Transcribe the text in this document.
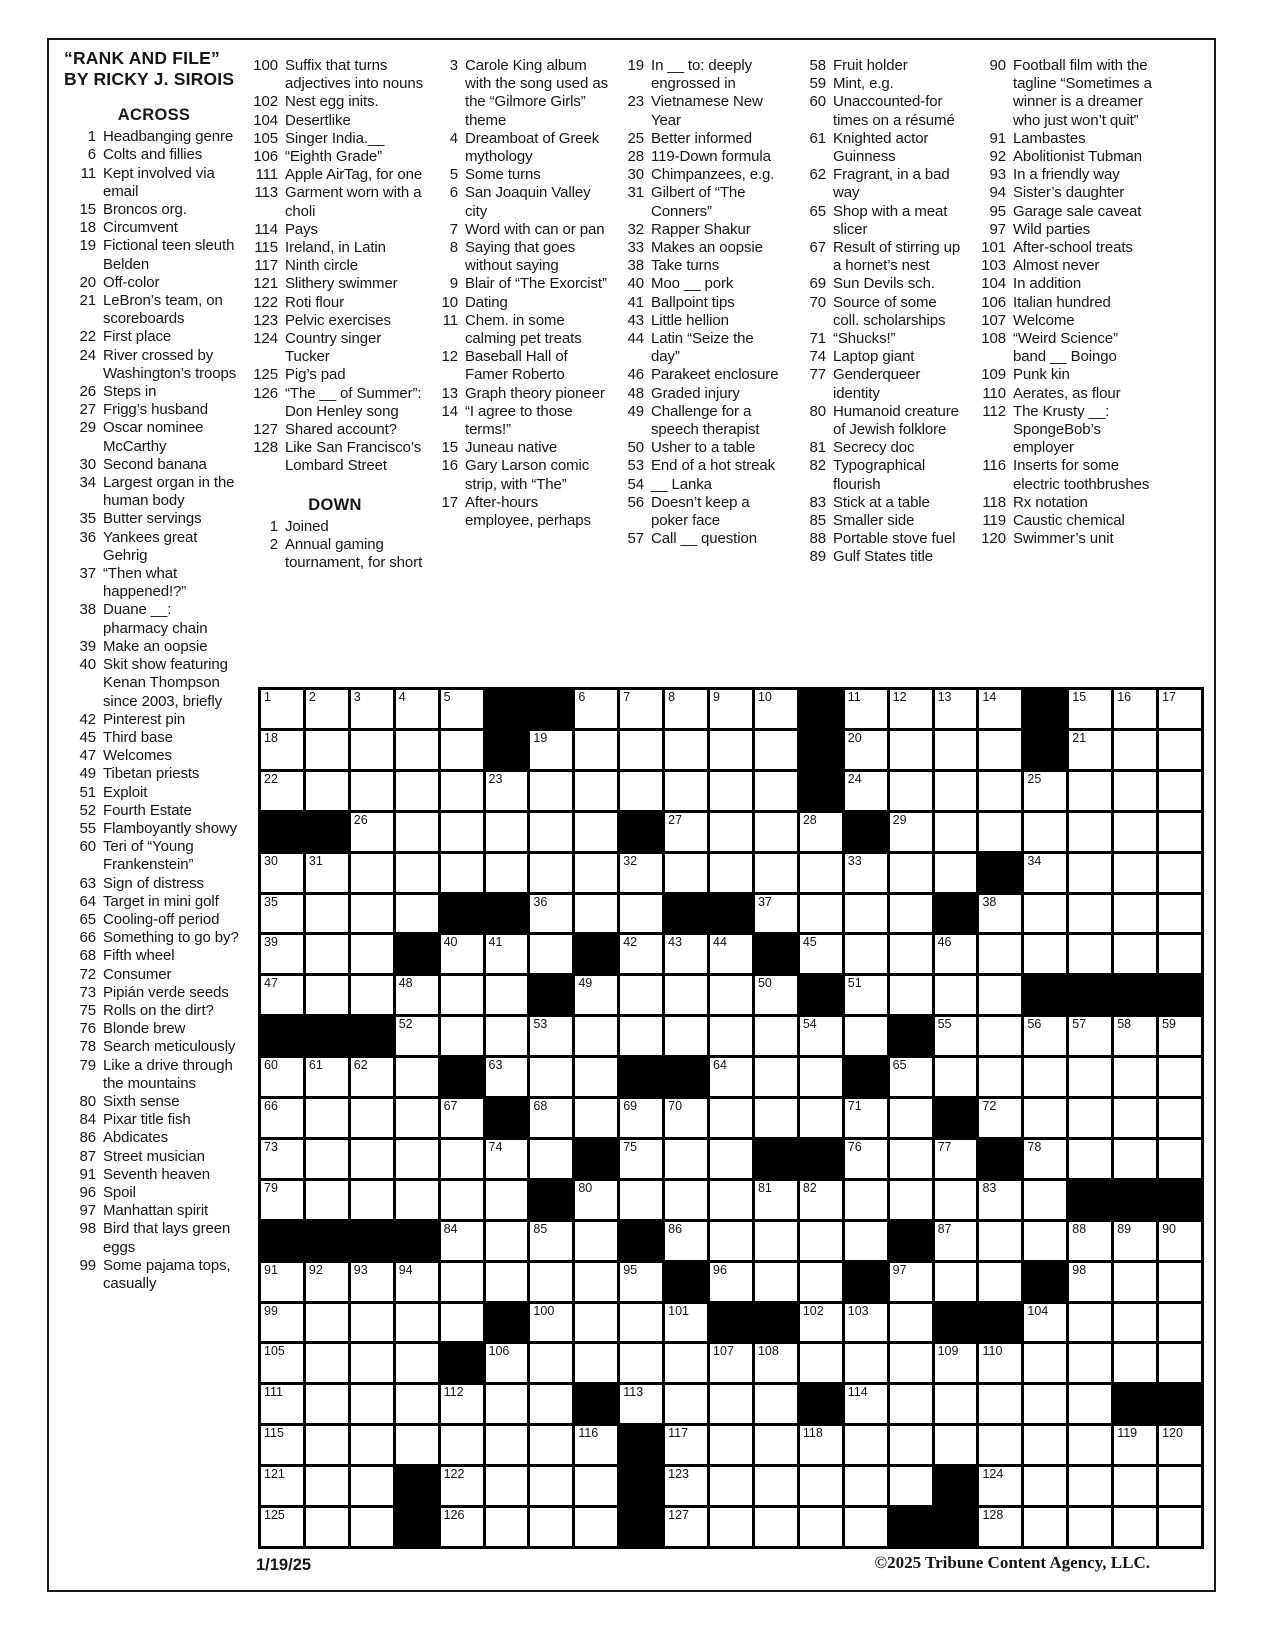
“RANK AND FILE”
BY RICKY J. SIROIS
ACROSS
1 Headbanging genre
6 Colts and fillies
11 Kept involved via email
15 Broncos org.
18 Circumvent
19 Fictional teen sleuth Belden
20 Off-color
21 LeBron’s team, on scoreboards
22 First place
24 River crossed by Washington’s troops
26 Steps in
27 Frigg’s husband
29 Oscar nominee McCarthy
30 Second banana
34 Largest organ in the human body
35 Butter servings
36 Yankees great Gehrig
37 “Then what happened!?”
38 Duane __: pharmacy chain
39 Make an oopsie
40 Skit show featuring Kenan Thompson since 2003, briefly
42 Pinterest pin
45 Third base
47 Welcomes
49 Tibetan priests
51 Exploit
52 Fourth Estate
55 Flamboyantly showy
60 Teri of “Young Frankenstein”
63 Sign of distress
64 Target in mini golf
65 Cooling-off period
66 Something to go by?
68 Fifth wheel
72 Consumer
73 Pipián verde seeds
75 Rolls on the dirt?
76 Blonde brew
78 Search meticulously
79 Like a drive through the mountains
80 Sixth sense
84 Pixar title fish
86 Abdicates
87 Street musician
91 Seventh heaven
96 Spoil
97 Manhattan spirit
98 Bird that lays green eggs
99 Some pajama tops, casually
100 Suffix that turns adjectives into nouns
102 Nest egg inits.
104 Desertlike
105 Singer India.__
106 “Eighth Grade”
111 Apple AirTag, for one
113 Garment worn with a choli
114 Pays
115 Ireland, in Latin
117 Ninth circle
121 Slithery swimmer
122 Roti flour
123 Pelvic exercises
124 Country singer Tucker
125 Pig’s pad
126 “The __ of Summer”: Don Henley song
127 Shared account?
128 Like San Francisco’s Lombard Street
DOWN
1 Joined
2 Annual gaming tournament, for short
3 Carole King album with the song used as the “Gilmore Girls” theme
4 Dreamboat of Greek mythology
5 Some turns
6 San Joaquin Valley city
7 Word with can or pan
8 Saying that goes without saying
9 Blair of “The Exorcist”
10 Dating
11 Chem. in some calming pet treats
12 Baseball Hall of Famer Roberto
13 Graph theory pioneer
14 “I agree to those terms!”
15 Juneau native
16 Gary Larson comic strip, with “The”
17 After-hours employee, perhaps
19 In __ to: deeply engrossed in
23 Vietnamese New Year
25 Better informed
28 119-Down formula
30 Chimpanzees, e.g.
31 Gilbert of “The Conners”
32 Rapper Shakur
33 Makes an oopsie
38 Take turns
40 Moo __ pork
41 Ballpoint tips
43 Little hellion
44 Latin “Seize the day”
46 Parakeet enclosure
48 Graded injury
49 Challenge for a speech therapist
50 Usher to a table
53 End of a hot streak
54 __ Lanka
56 Doesn’t keep a poker face
57 Call __ question
58 Fruit holder
59 Mint, e.g.
60 Unaccounted-for times on a résumé
61 Knighted actor Guinness
62 Fragrant, in a bad way
65 Shop with a meat slicer
67 Result of stirring up a hornet’s nest
69 Sun Devils sch.
70 Source of some coll. scholarships
71 “Shucks!”
74 Laptop giant
77 Genderqueer identity
80 Humanoid creature of Jewish folklore
81 Secrecy doc
82 Typographical flourish
83 Stick at a table
85 Smaller side
88 Portable stove fuel
89 Gulf States title
90 Football film with the tagline “Sometimes a winner is a dreamer who just won’t quit”
91 Lambastes
92 Abolitionist Tubman
93 In a friendly way
94 Sister’s daughter
95 Garage sale caveat
97 Wild parties
101 After-school treats
103 Almost never
104 In addition
106 Italian hundred
107 Welcome
108 “Weird Science” band __ Boingo
109 Punk kin
110 Aerates, as flour
112 The Krusty __: SpongeBob’s employer
116 Inserts for some electric toothbrushes
118 Rx notation
119 Caustic chemical
120 Swimmer’s unit
1	2	3	4	5	6	7	8	9	10	11	12 13 14	15 16 17
18	19	20	21
22	23	24	25
26	27	28	29
30 31	32	33	34
35	36	37	38
39	40 41	42 43 44	45	46
47	48	49	50	51
52	53	54	55	56 57 58 59
60 61 62	63	64	65
66	67	68	69 70	71	72
73	74	75	76	77	78
79	80	81 82	83
84	85	86	87	88 89 90
91 92 93 94	95	96	97	98
99	100	101	102 103	104
105	106	107 108	109 110
111	112	113	114
115	116	117	118	119 120
121	122	123	124
125	126	127	128
1/19/25	©2025 Tribune Content Agency, LLC.
